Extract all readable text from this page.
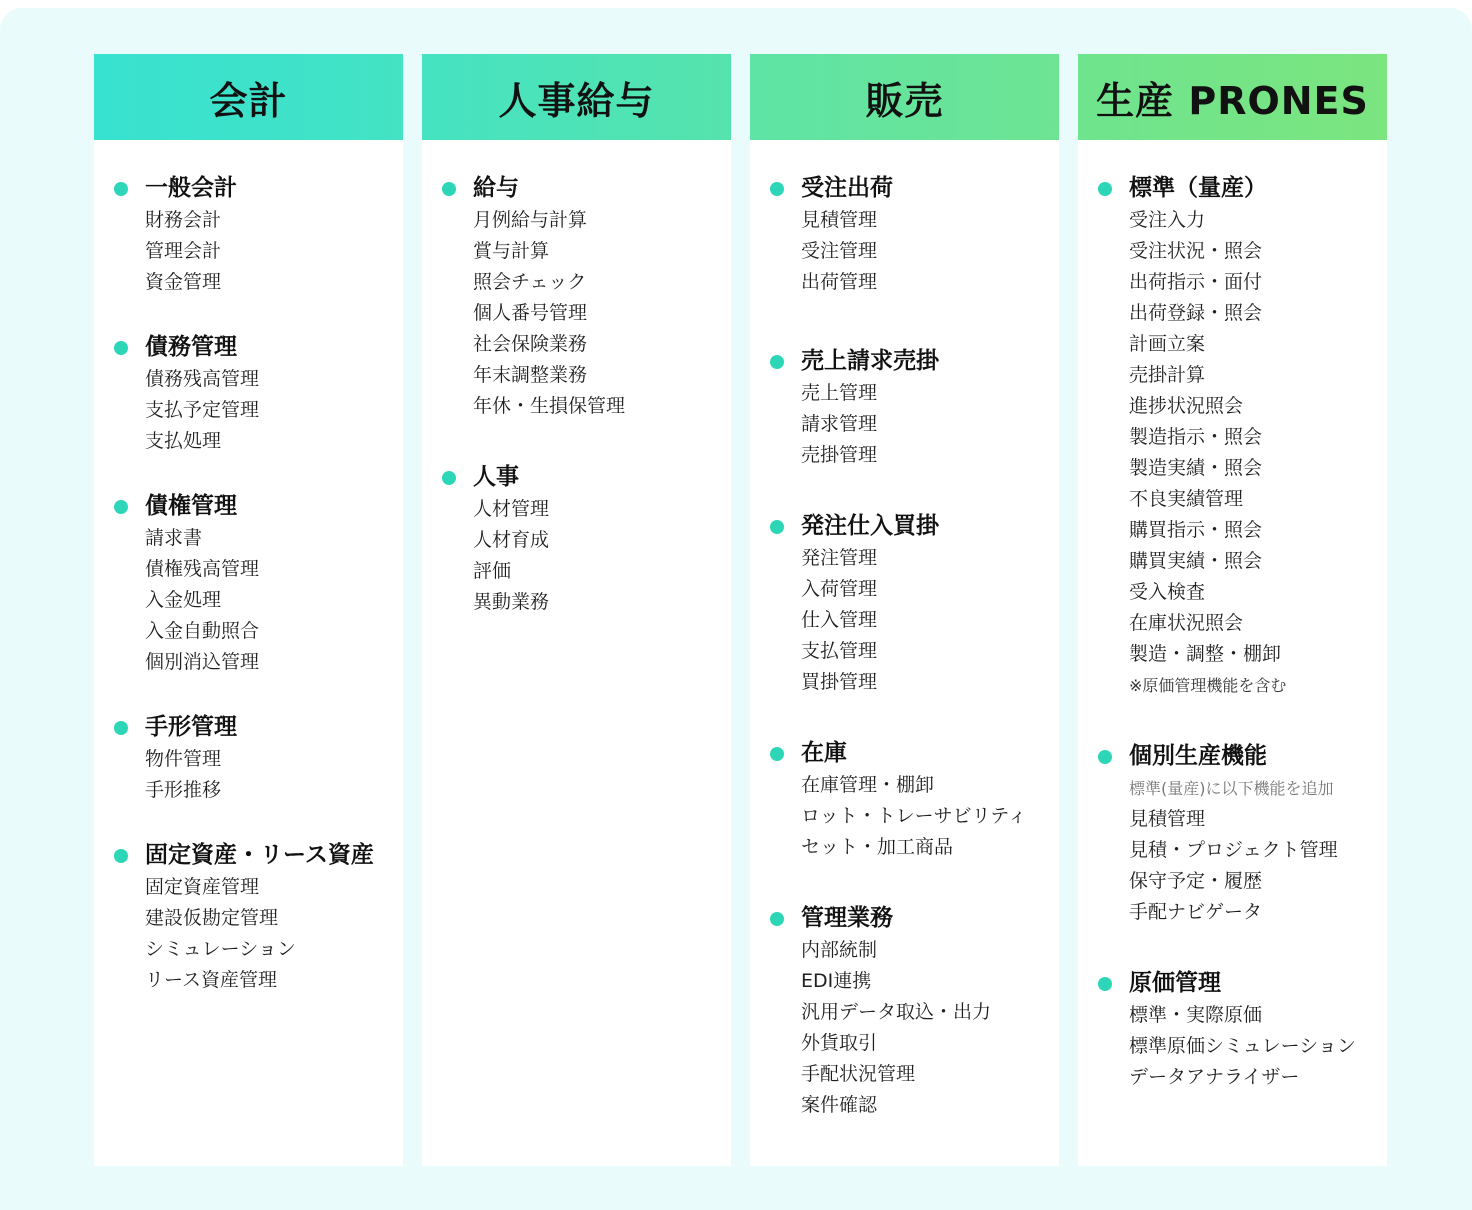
会計
一般会計
財務会計
管理会計
資金管理
債務管理
債務残高管理
支払予定管理
支払処理
債権管理
請求書
債権残高管理
入金処理
入金自動照合
個別消込管理
手形管理
物件管理
手形推移
固定資産・リース資産
固定資産管理
建設仮勘定管理
シミュレーション
リース資産管理
人事給与
給与
月例給与計算
賞与計算
照会チェック
個人番号管理
社会保険業務
年末調整業務
年休・生損保管理
人事
人材管理
人材育成
評価
異動業務
販売
受注出荷
見積管理
受注管理
出荷管理
売上請求売掛
売上管理
請求管理
売掛管理
発注仕入買掛
発注管理
入荷管理
仕入管理
支払管理
買掛管理
在庫
在庫管理・棚卸
ロット・トレーサビリティ
セット・加工商品
管理業務
内部統制
EDI連携
汎用データ取込・出力
外貨取引
手配状況管理
案件確認
生産 PRONES
標準（量産）
受注入力
受注状況・照会
出荷指示・面付
出荷登録・照会
計画立案
売掛計算
進捗状況照会
製造指示・照会
製造実績・照会
不良実績管理
購買指示・照会
購買実績・照会
受入検査
在庫状況照会
製造・調整・棚卸
※原価管理機能を含む
個別生産機能
標準(量産)に以下機能を追加
見積管理
見積・プロジェクト管理
保守予定・履歴
手配ナビゲータ
原価管理
標準・実際原価
標準原価シミュレーション
データアナライザー
